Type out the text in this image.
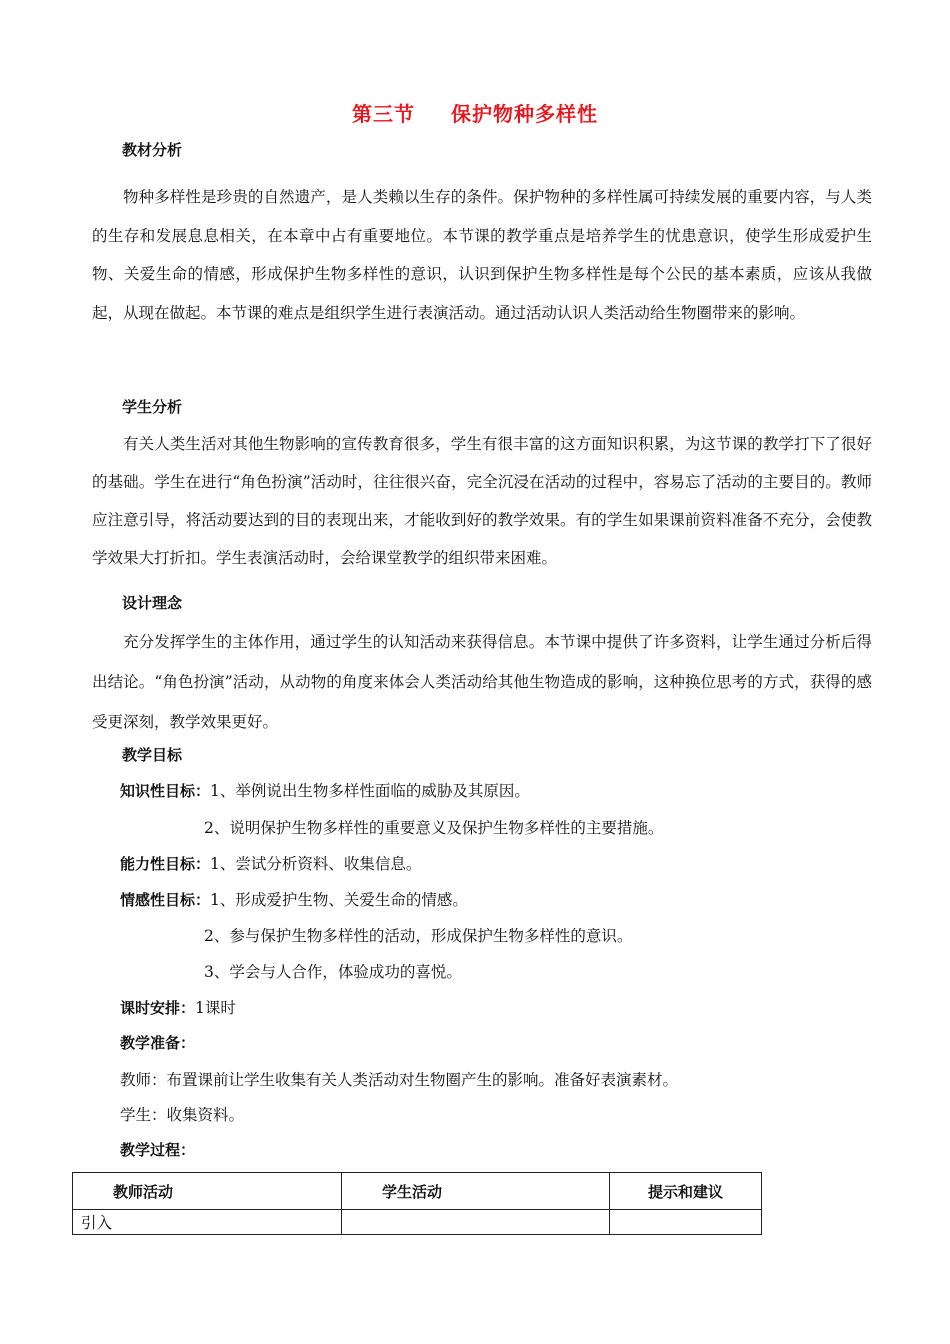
第三节 保护物种多样性
教材分析
物种多样性是珍贵的自然遗产，是人类赖以生存的条件。保护物种的多样性属可持续发展的重要内容，与人类的生存和发展息息相关，在本章中占有重要地位。本节课的教学重点是培养学生的忧患意识，使学生形成爱护生物、关爱生命的情感，形成保护生物多样性的意识，认识到保护生物多样性是每个公民的基本素质，应该从我做起，从现在做起。本节课的难点是组织学生进行表演活动。通过活动认识人类活动给生物圈带来的影响。
学生分析
有关人类生活对其他生物影响的宣传教育很多，学生有很丰富的这方面知识积累，为这节课的教学打下了很好的基础。学生在进行“角色扮演”活动时，往往很兴奋，完全沉浸在活动的过程中，容易忘了活动的主要目的。教师应注意引导，将活动要达到的目的表现出来，才能收到好的教学效果。有的学生如果课前资料准备不充分，会使教学效果大打折扣。学生表演活动时，会给课堂教学的组织带来困难。
设计理念
充分发挥学生的主体作用，通过学生的认知活动来获得信息。本节课中提供了许多资料，让学生通过分析后得出结论。“角色扮演”活动，从动物的角度来体会人类活动给其他生物造成的影响，这种换位思考的方式，获得的感受更深刻，教学效果更好。
教学目标
知识性目标：1、举例说出生物多样性面临的威胁及其原因。
2、说明保护生物多样性的重要意义及保护生物多样性的主要措施。
能力性目标：1、尝试分析资料、收集信息。
情感性目标：1、形成爱护生物、关爱生命的情感。
2、参与保护生物多样性的活动，形成保护生物多样性的意识。
3、学会与人合作，体验成功的喜悦。
课时安排：1课时
教学准备：
教师：布置课前让学生收集有关人类活动对生物圈产生的影响。准备好表演素材。
学生：收集资料。
教学过程：
教师活动	学生活动	提示和建议
引入		
